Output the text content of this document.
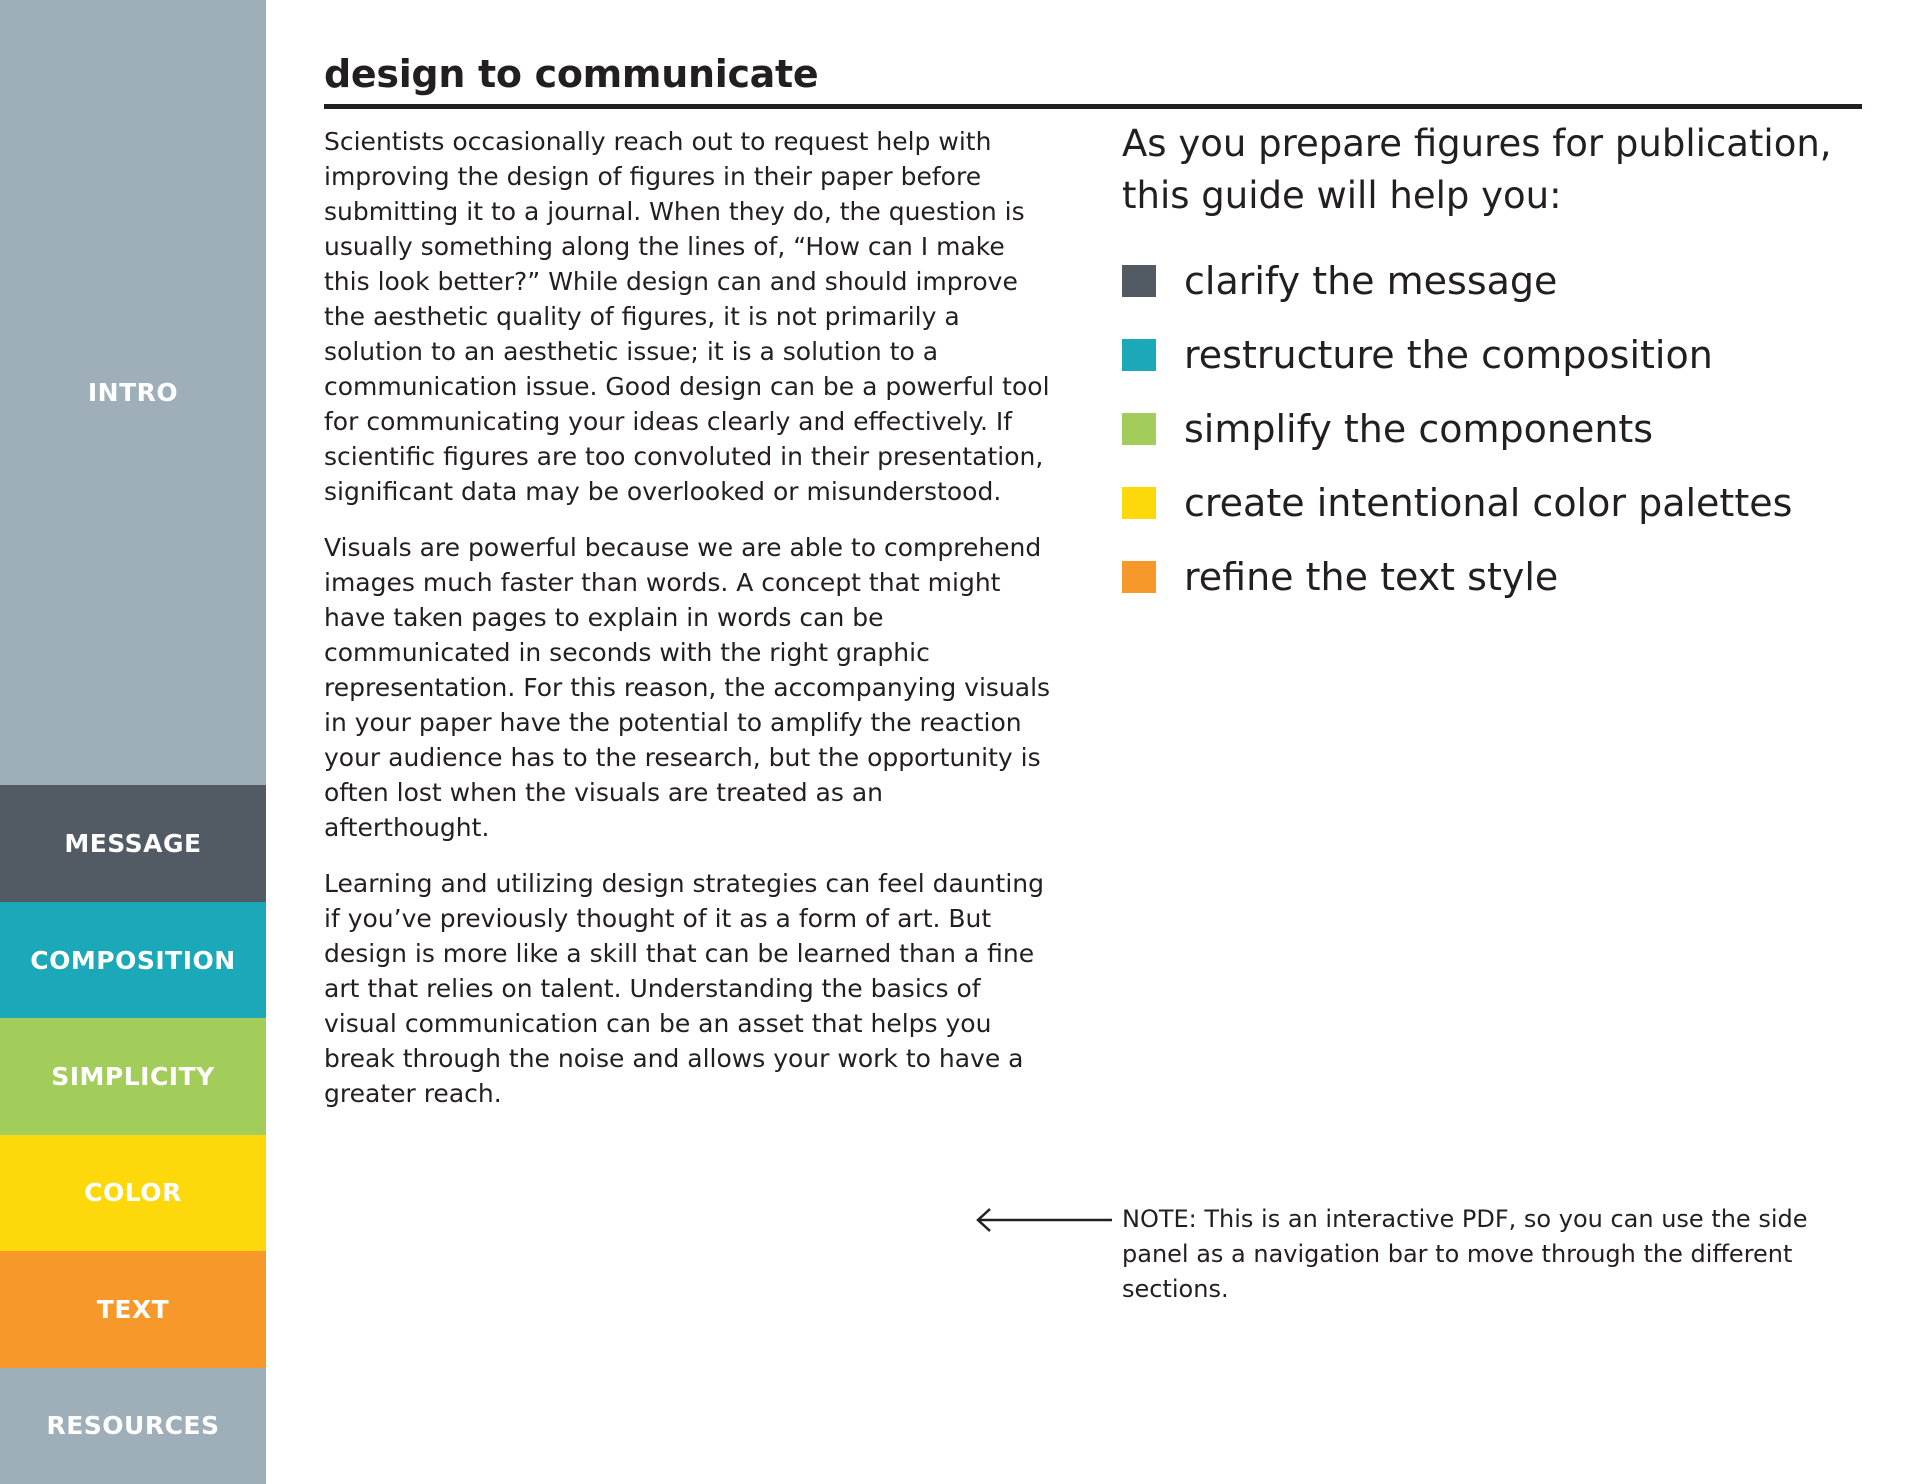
INTRO
MESSAGE
COMPOSITION
SIMPLICITY
COLOR
TEXT
RESOURCES
design to communicate

Scientists occasionally reach out to request help with improving the design of figures in their paper before submitting it to a journal. When they do, the question is usually something along the lines of, “How can I make this look better?” While design can and should improve the aesthetic quality of figures, it is not primarily a solution to an aesthetic issue; it is a solution to a communication issue. Good design can be a powerful tool for communicating your ideas clearly and effectively. If scientific figures are too convoluted in their presentation, significant data may be overlooked or misunderstood.

Visuals are powerful because we are able to comprehend images much faster than words. A concept that might have taken pages to explain in words can be communicated in seconds with the right graphic representation. For this reason, the accompanying visuals in your paper have the potential to amplify the reaction your audience has to the research, but the opportunity is often lost when the visuals are treated as an afterthought.

Learning and utilizing design strategies can feel daunting if you’ve previously thought of it as a form of art. But design is more like a skill that can be learned than a fine art that relies on talent. Understanding the basics of visual communication can be an asset that helps you break through the noise and allows your work to have a greater reach.

As you prepare figures for publication, this guide will help you:
clarify the message
restructure the composition
simplify the components
create intentional color palettes
refine the text style
NOTE: This is an interactive PDF, so you can use the side panel as a navigation bar to move through the different sections.
